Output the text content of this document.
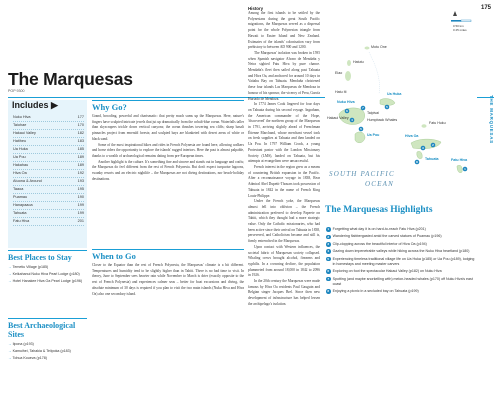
175
THE MARQUESAS
The Marquesas
POP 9300
Includes ▶
Nuku Hiva	177
Taiohae	170
Hakaui Valley	182
Hatiheu	183
Ua Huka	185
Ua Pou	189
Hakahau	189
Hiva Oa	192
Atuona & Around	193
Taaoa	195
Puamau	190
Hanapaaoa	199
Tahuata	199
Fatu Hiva	201
Best Places to Stay
→ Temetiu Village (p185)
→ Keikahanui Nuku Hiva Pearl Lodge (p180)
→ Hotel Hanakee Hiva Oa Pearl Lodge (p196)
Best Archaeological Sites
→ Iipona (p193)
→ Kamuihei, Tahakia & Teiipoka (p183)
→ Tohua Koueva (p178)
Why Go?
Grand, brooding, powerful and charismatic: that pretty much sums up the Marquesas. Here, nature's fingers have sculpted intricate jewels that jut up dramatically from the cobalt-blue ocean. Waterfalls taller than skyscrapers trickle down vertical canyons; the ocean thrashes towering sea cliffs; sharp basalt pinnacles project from emerald forests; and sculpted bays are blanketed with desert areas of white or black sand.
Some of the most inspirational hikes and rides in French Polynesia are found here, allowing walkers and horse riders the opportunity to explore the islands' rugged interiors. Here the past is almost palpable, thanks to a wealth of archaeological remains dating from pre-European times.
Another highlight is the culture. It's something fine and sincere and stands out in language and crafts; the Marquesas do feel different from the rest of French Polynesia. But don't expect turquoise lagoons, swanky resorts and an electric nightlife – the Marquesas are not diving destinations, nor beach-holiday destinations.
When to Go
Closer to the Equator than the rest of French Polynesia, the Marquesas' climate is a bit different. Temperatures and humidity tend to be slightly higher than in Tahiti. There is no bad time to visit. In theory, June to September sees heavier rain while November to March is drier (exactly opposite to the rest of French Polynesia) and experiences calmer seas – better for boat excursions and diving, the absolute minimum of 30 days is required if you plan to visit the two main islands (Nuku Hiva and Hiva Oa) also one secondary island.
History
Among the first islands to be settled by the Polynesians during the great South Pacific migrations, the Marquesas served as a dispersal point for the whole Polynesian triangle from Hawaii to Easter Island and New Zealand. Estimates of the islands' colonisation vary from prehistory to between AD 900 and 1200.
The Marquesas' isolation was broken in 1595 when Spanish navigator Alvaro de Mendaña y Neira sighted Fatu Hiva by pure chance. Mendaña's fleet then sailed along past Tahuata and Hiva Oa, and anchored for around 10 days in Vaitahu Bay on Tahuata. Mendaña christened these four islands Las Marquesas de Mendoza in honour of his sponsor, the viceroy of Peru, García Hurtado de Mendoza.
In 1774 James Cook lingered for four days on Tahuata during his second voyage. Ingraham, the American commander of the Hope, 'discovered' the northern group of the Marquesas in 1791, arriving slightly ahead of Frenchman Étienne Marchand, whose merchant vessel took on fresh supplies at Tahuata and then landed on Ua Pou. In 1797 William Crook, a young Protestant pastor with the London Missionary Society (LMS), landed on Tahuata, but his attempts at evangelism were unsuccessful.
French interest in the region grew as a means of countering British expansion in the Pacific. After a reconnaissance voyage in 1838, Rear Admiral Abel Dupetit-Thouars took possession of Tahuata in 1842 in the name of French King Louis-Philippe.
Under the French yoke, the Marquesas almost fell into oblivion – the French administration preferred to develop Papeete on Tahiti, which they thought had a more strategic value. Only the Catholic missionaries, who had been active since their arrival on Tahuata in 1838, persevered, and Catholicism became and still is, firmly entrenched in the Marquesas.
Upon contact with Western influences, the societal fabric of Marquesan society collapsed. Whaling crews brought alcohol, firearms and syphilis. In a crowning decline, the population plummeted from around 18,000 in 1842 to 2096 in 1926.
In the 20th century the Marquesas were made famous by Hiva Oa residents Paul Gauguin and Belgian singer Jacques Brel. Since then new development of infrastructure has helped lessen the archipelago's isolation.
6
7
4
5
5
2
3
8
1
0 50 km
0 25 miles
Motu One
Hatutu
Eiao
Hatu Iti
Nuku Hiva
Ua Huka
Hakaui Valley
Taipivai
Humpback Whales
Ua Pou
Fatu Huku
Hiva Oa
Tahuata	Fatu Hiva
SOUTH PACIFIC
OCEAN
The Marquesas Highlights
1 Forgetting what day it is on hard-to-reach Fatu Hiva (p201)
2 Wandering flabbergasted amid the carved statues of Puamau (p196)
3 Clip-clopping across the beautiful interior of Hiva Oa (p194)
4 Gazing down impenetrable valleys while hiking across the Nuku Hiva heartland (p180)
5 Experiencing timeless traditional village life on Ua Huka (p185) or Ua Pou (p189), lodging in homestays and meeting master carvers
6 Exploring on foot the spectacular Hakaui Valley (p182) on Nuku Hiva
7 Spotting (and maybe snorkelling with) melon-headed whales (p170) off Nuku Hiva's east coast
8 Enjoying a picnic in a secluded bay on Tahuata (p199)
